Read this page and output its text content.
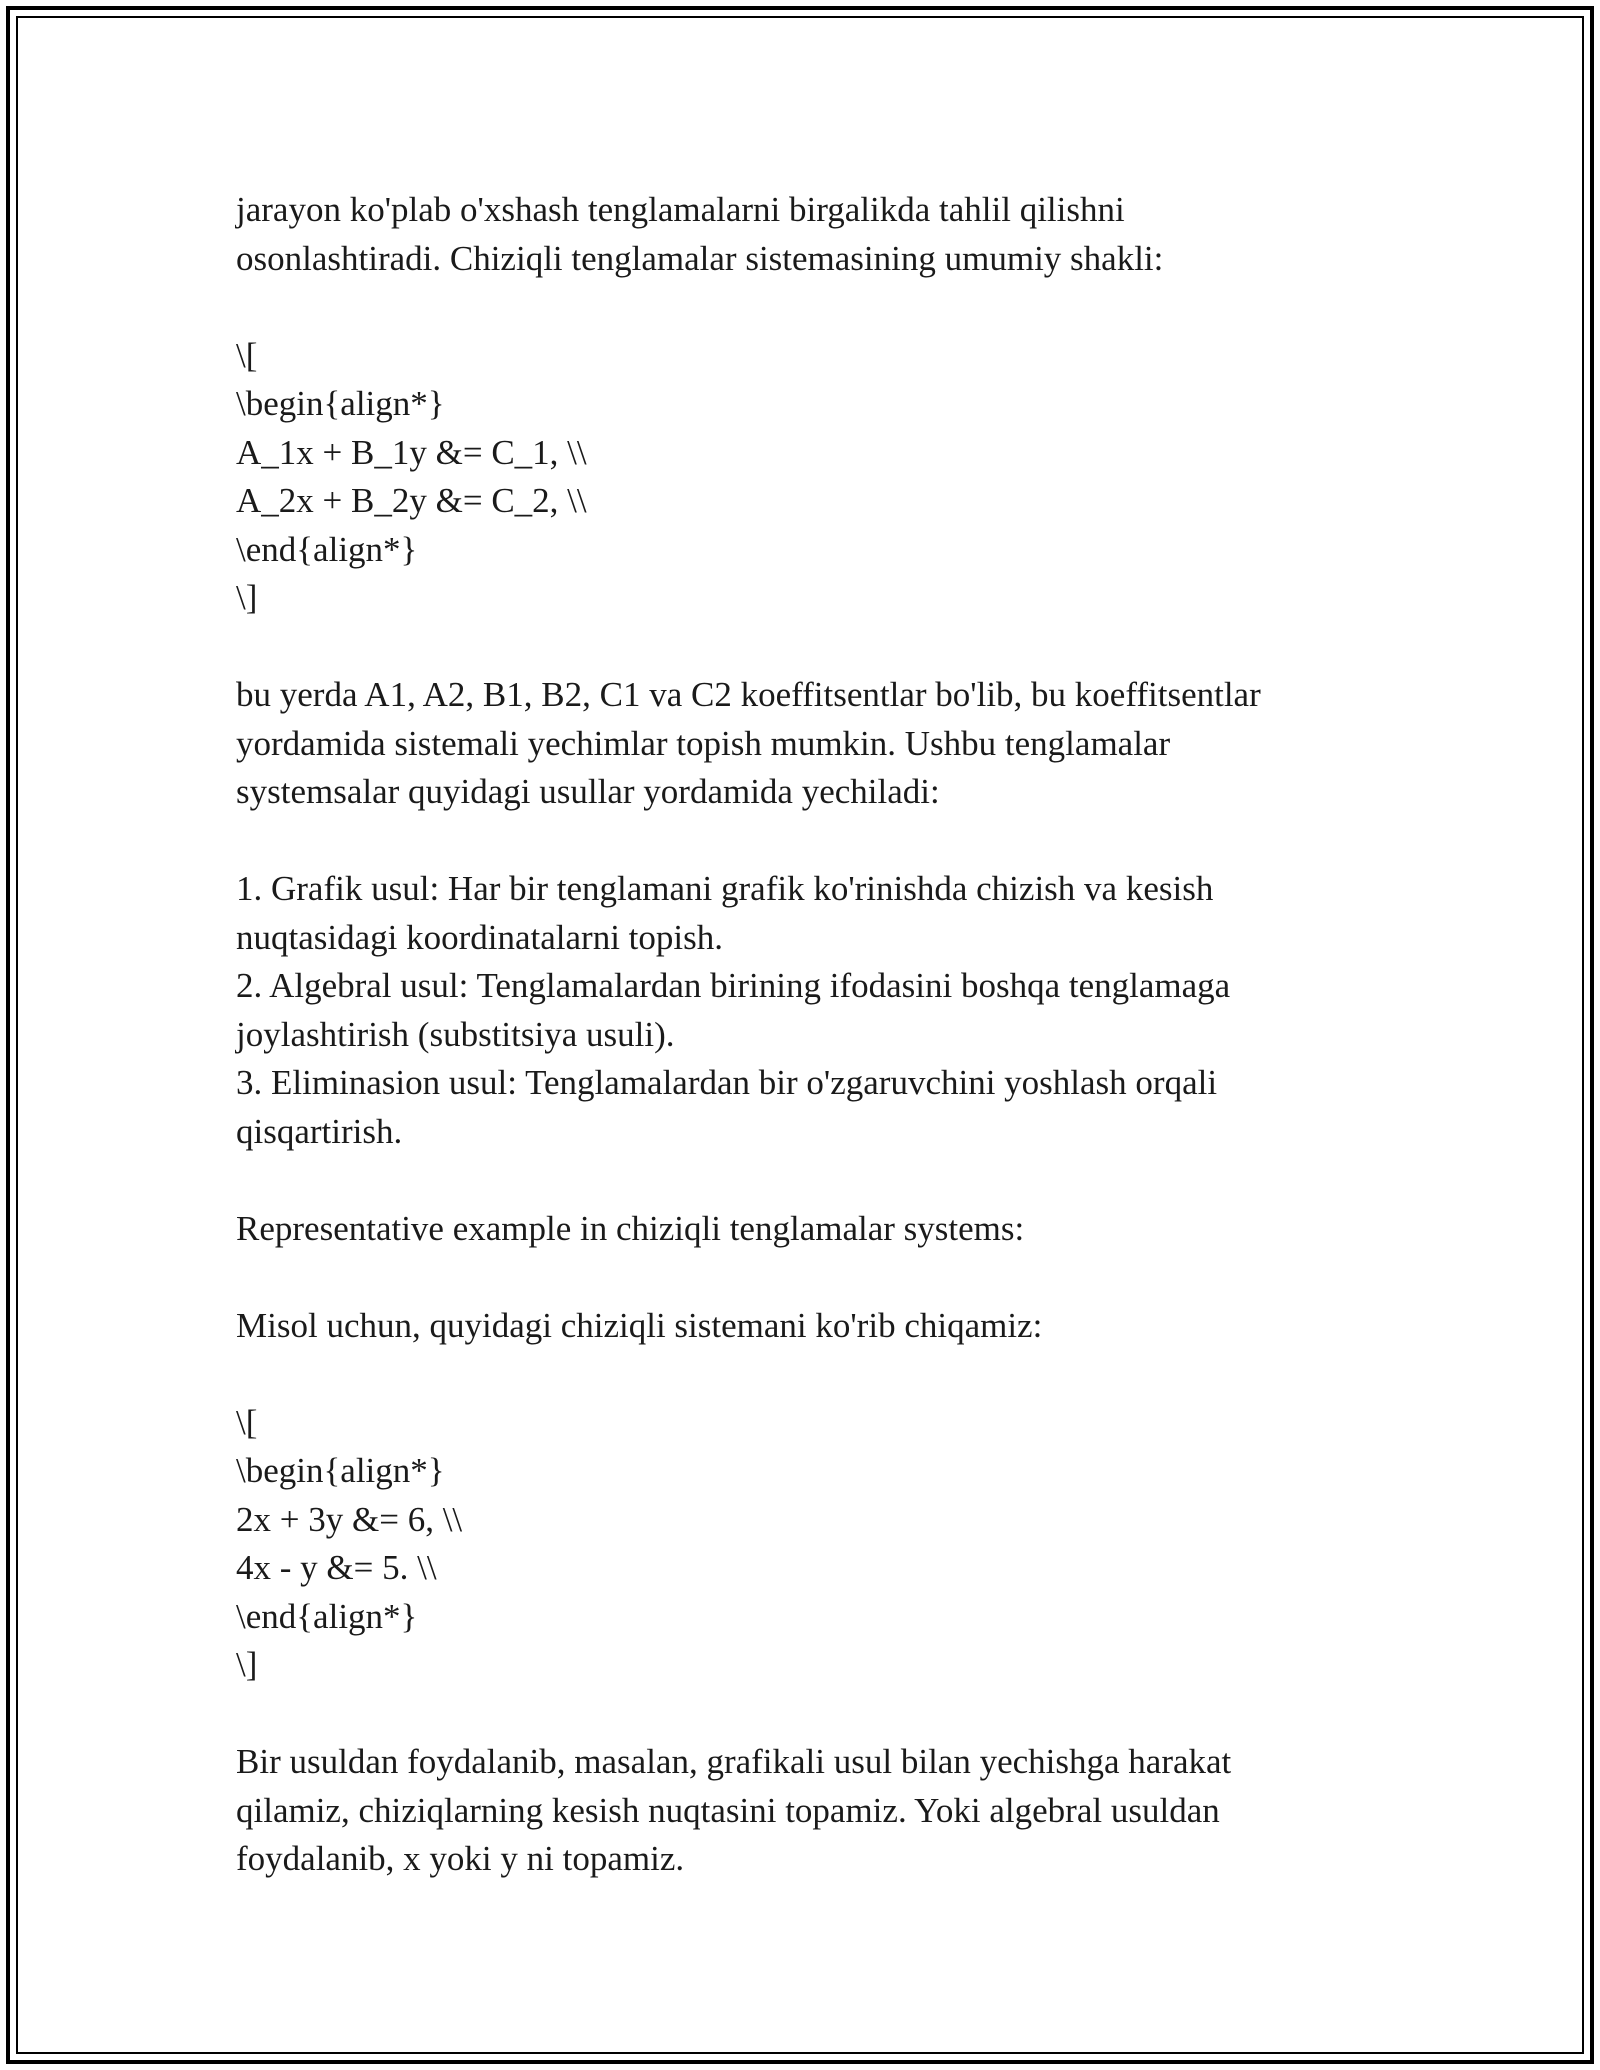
jarayon ko'plab o'xshash tenglamalarni birgalikda tahlil qilishni
osonlashtiradi. Chiziqli tenglamalar sistemasining umumiy shakli:
\[
\begin{align*}
A_1x + B_1y &= C_1, \\
A_2x + B_2y &= C_2, \\
\end{align*}
\]
bu yerda A1, A2, B1, B2, C1 va C2 koeffitsentlar bo'lib, bu koeffitsentlar
yordamida sistemali yechimlar topish mumkin. Ushbu tenglamalar
systemsalar quyidagi usullar yordamida yechiladi:
1. Grafik usul: Har bir tenglamani grafik ko'rinishda chizish va kesish
nuqtasidagi koordinatalarni topish.
2. Algebral usul: Tenglamalardan birining ifodasini boshqa tenglamaga
joylashtirish (substitsiya usuli).
3. Eliminasion usul: Tenglamalardan bir o'zgaruvchini yoshlash orqali
qisqartirish.
Representative example in chiziqli tenglamalar systems:
Misol uchun, quyidagi chiziqli sistemani ko'rib chiqamiz:
\[
\begin{align*}
2x + 3y &= 6, \\
4x - y &= 5. \\
\end{align*}
\]
Bir usuldan foydalanib, masalan, grafikali usul bilan yechishga harakat
qilamiz, chiziqlarning kesish nuqtasini topamiz. Yoki algebral usuldan
foydalanib, x yoki y ni topamiz.
